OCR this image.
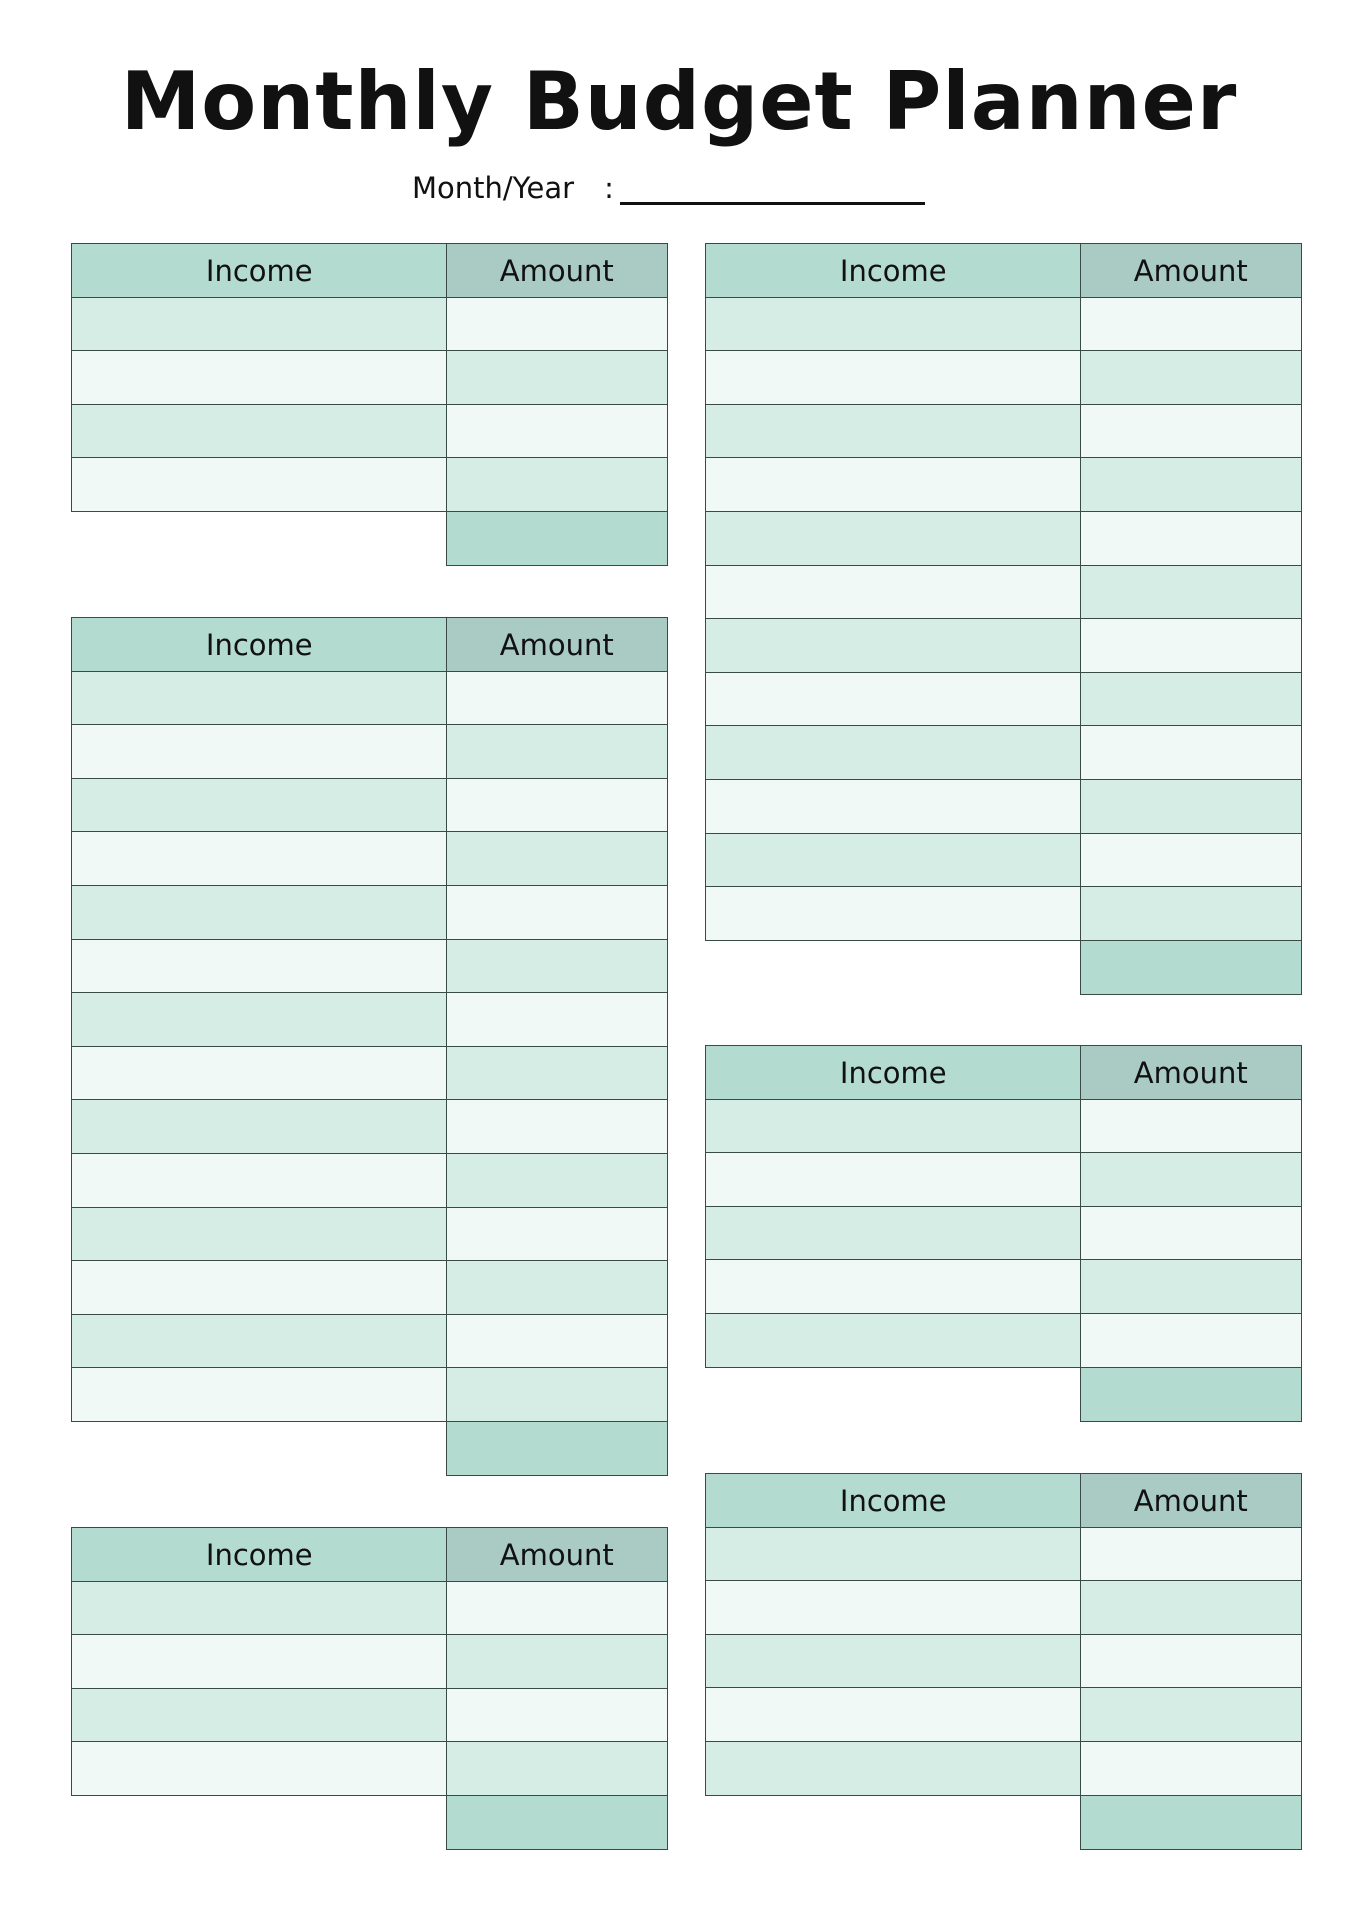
Monthly Budget Planner
Month/Year :
Income	Amount
Income	Amount
Income	Amount
Income	Amount
Income	Amount
Income	Amount
